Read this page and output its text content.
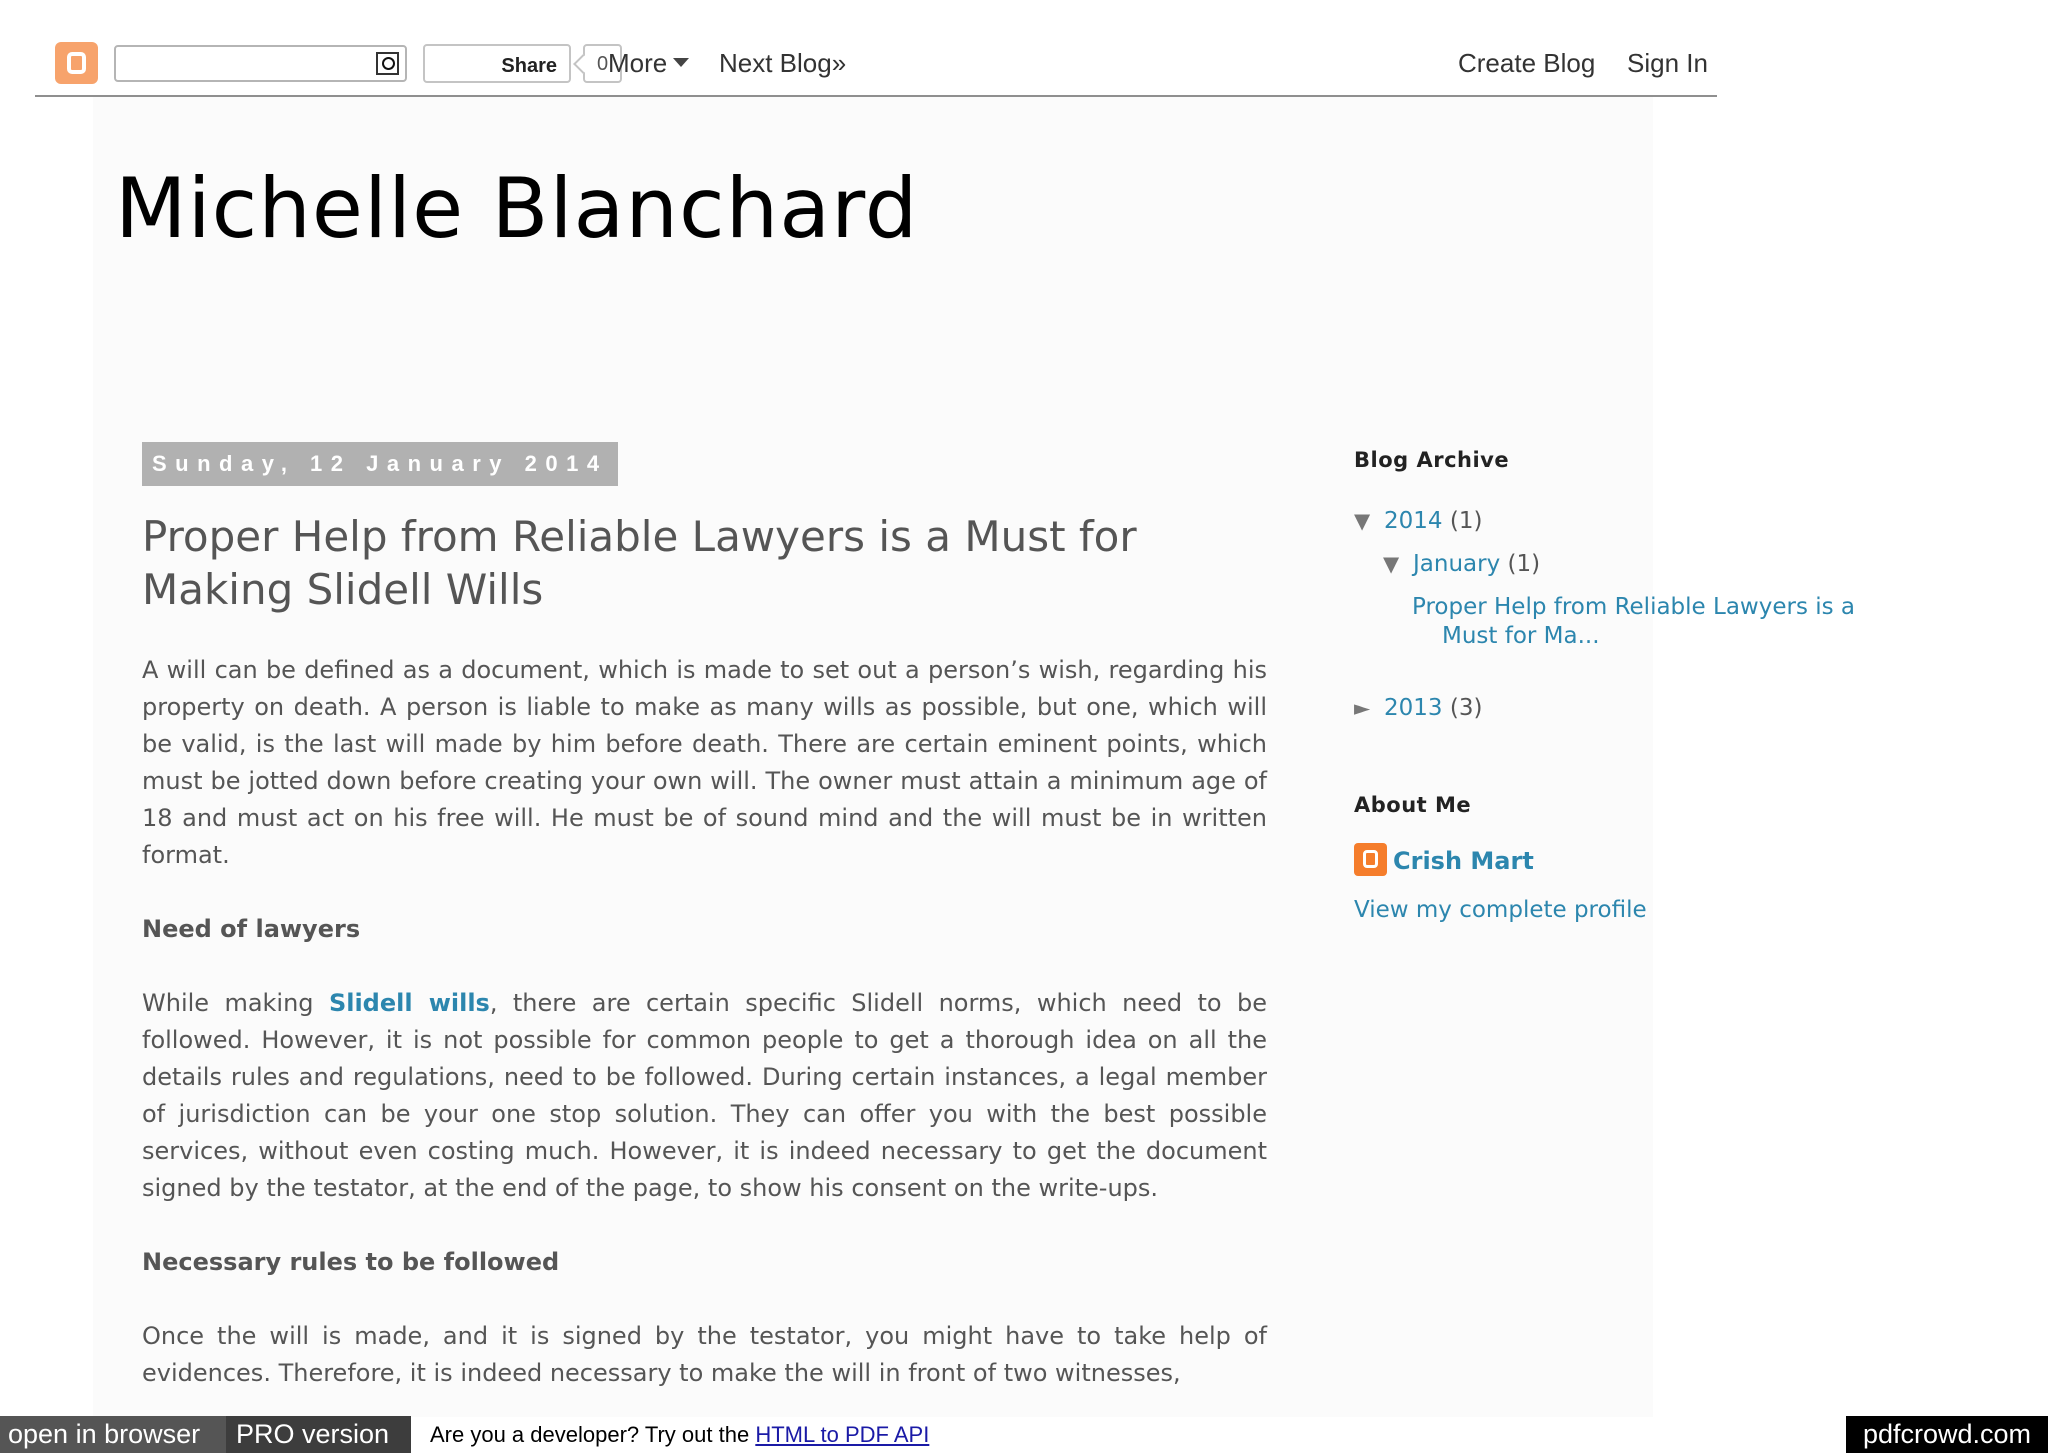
Share	0 More	Next Blog»	Create Blog Sign In
Michelle Blanchard
Sunday, 12 January 2014
Proper Help from Reliable Lawyers is a Must for Making Slidell Wills

A will can be defined as a document, which is made to set out a person’s wish, regarding his property on death. A person is liable to make as many wills as possible, but one, which will be valid, is the last will made by him before death. There are certain eminent points, which must be jotted down before creating your own will. The owner must attain a minimum age of 18 and must act on his free will. He must be of sound mind and the will must be in written format.

Need of lawyers

While making Slidell wills, there are certain specific Slidell norms, which need to be followed. However, it is not possible for common people to get a thorough idea on all the details rules and regulations, need to be followed. During certain instances, a legal member of jurisdiction can be your one stop solution. They can offer you with the best possible services, without even costing much. However, it is indeed necessary to get the document signed by the testator, at the end of the page, to show his consent on the write-ups.

Necessary rules to be followed

Once the will is made, and it is signed by the testator, you might have to take help of evidences. Therefore, it is indeed necessary to make the will in front of two witnesses,

Blog Archive
▼ 2014 (1)
▼ January (1)
Proper Help from Reliable Lawyers is a Must for Ma...
► 2013 (3)
About Me
Crish Mart
View my complete profile
open in browser	PRO version	Are you a developer? Try out the HTML to PDF API	pdfcrowd.com
